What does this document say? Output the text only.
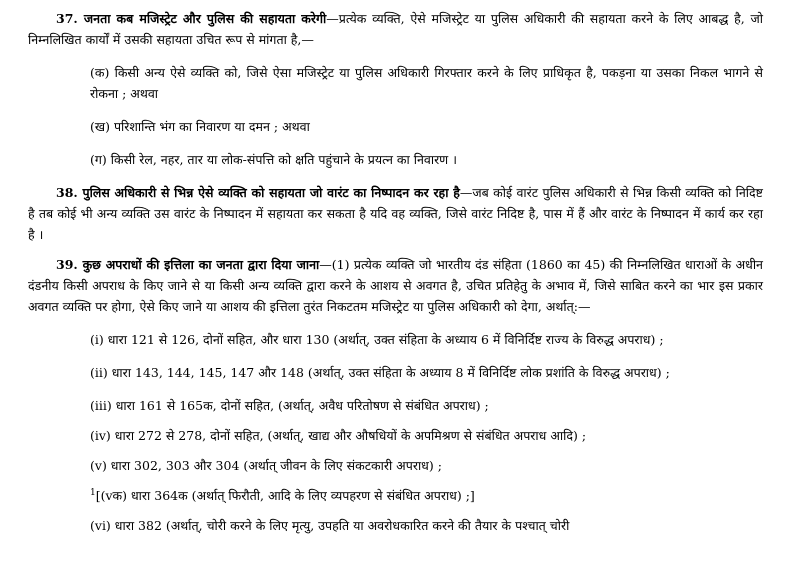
37. जनता कब मजिस्ट्रेट और पुलिस की सहायता करेगी—प्रत्येक व्यक्ति, ऐसे मजिस्ट्रेट या पुलिस अधिकारी की सहायता करने के लिए आबद्ध है, जो निम्नलिखित कार्यों में उसकी सहायता उचित रूप से मांगता है,—

(क) किसी अन्य ऐसे व्यक्ति को, जिसे ऐसा मजिस्ट्रेट या पुलिस अधिकारी गिरफ्तार करने के लिए प्राधिकृत है, पकड़ना या उसका निकल भागने से रोकना ; अथवा

(ख) परिशान्ति भंग का निवारण या दमन ; अथवा

(ग) किसी रेल, नहर, तार या लोक-संपत्ति को क्षति पहुंचाने के प्रयत्न का निवारण ।

38. पुलिस अधिकारी से भिन्न ऐसे व्यक्ति को सहायता जो वारंट का निष्पादन कर रहा है—जब कोई वारंट पुलिस अधिकारी से भिन्न किसी व्यक्ति को निदिष्ट है तब कोई भी अन्य व्यक्ति उस वारंट के निष्पादन में सहायता कर सकता है यदि वह व्यक्ति, जिसे वारंट निदिष्ट है, पास में हैं और वारंट के निष्पादन में कार्य कर रहा है ।

39. कुछ अपराधों की इत्तिला का जनता द्वारा दिया जाना—(1) प्रत्येक व्यक्ति जो भारतीय दंड संहिता (1860 का 45) की निम्नलिखित धाराओं के अधीन दंडनीय किसी अपराध के किए जाने से या किसी अन्य व्यक्ति द्वारा करने के आशय से अवगत है, उचित प्रतिहेतु के अभाव में, जिसे साबित करने का भार इस प्रकार अवगत व्यक्ति पर होगा, ऐसे किए जाने या आशय की इत्तिला तुरंत निकटतम मजिस्ट्रेट या पुलिस अधिकारी को देगा, अर्थात्:—

(i) धारा 121 से 126, दोनों सहित, और धारा 130 (अर्थात्, उक्त संहिता के अध्याय 6 में विनिर्दिष्ट राज्य के विरुद्ध अपराध) ;

(ii) धारा 143, 144, 145, 147 और 148 (अर्थात्, उक्त संहिता के अध्याय 8 में विनिर्दिष्ट लोक प्रशांति के विरुद्ध अपराध) ;

(iii) धारा 161 से 165क, दोनों सहित, (अर्थात्, अवैध परितोषण से संबंधित अपराध) ;

(iv) धारा 272 से 278, दोनों सहित, (अर्थात्, खाद्य और औषधियों के अपमिश्रण से संबंधित अपराध आदि) ;

(v) धारा 302, 303 और 304 (अर्थात् जीवन के लिए संकटकारी अपराध) ;

$^1$[(vक) धारा 364क (अर्थात् फिरौती, आदि के लिए व्यपहरण से संबंधित अपराध) ;]

(vi) धारा 382 (अर्थात्, चोरी करने के लिए मृत्यु, उपहति या अवरोधकारित करने की तैयार के पश्चात् चोरी
